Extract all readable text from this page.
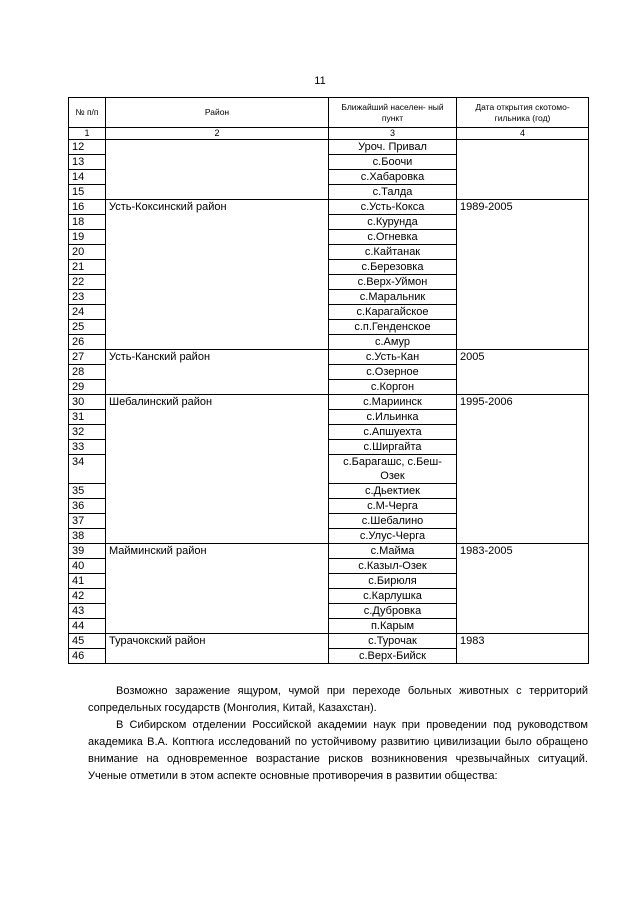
11
№ п/п	Район	Ближайший населен- ный пункт	Дата открытия скотомо- гильника (год)
1	2	3	4
12		Уроч. Привал	
13		с.Боочи	
14		с.Хабаровка	
15		с.Талда	
16	Усть-Коксинский район	с.Усть-Кокса	1989-2005
18		с.Курунда	
19		с.Огневка	
20		с.Кайтанак	
21		с.Березовка	
22		с.Верх-Уймон	
23		с.Маральник	
24		с.Карагайское	
25		с.п.Генденское	
26		с.Амур	
27	Усть-Канский район	с.Усть-Кан	2005
28		с.Озерное	
29		с.Коргон	
30	Шебалинский район	с.Мариинск	1995-2006
31		с.Ильинка	
32		с.Апшуехта	
33		с.Ширгайта	
34		с.Барагашс, с.Беш-Озек	
35		с.Дьектиек	
36		с.М-Черга	
37		с.Шебалино	
38		с.Улус-Черга	
39	Майминский район	с.Майма	1983-2005
40		с.Казыл-Озек	
41		с.Бирюля	
42		с.Карлушка	
43		с.Дубровка	
44		п.Карым	
45	Турачокский район	с.Турочак	1983
46		с.Верх-Бийск	
Возможно заражение ящуром, чумой при переходе больных животных с территорий сопредельных государств (Монголия, Китай, Казахстан).
В Сибирском отделении Российской академии наук при проведении под руководством академика В.А. Коптюга исследований по устойчивому развитию цивилизации было обращено внимание на одновременное возрастание рисков возникновения чрезвычайных ситуаций. Ученые отметили в этом аспекте основные противоречия в развитии общества:
